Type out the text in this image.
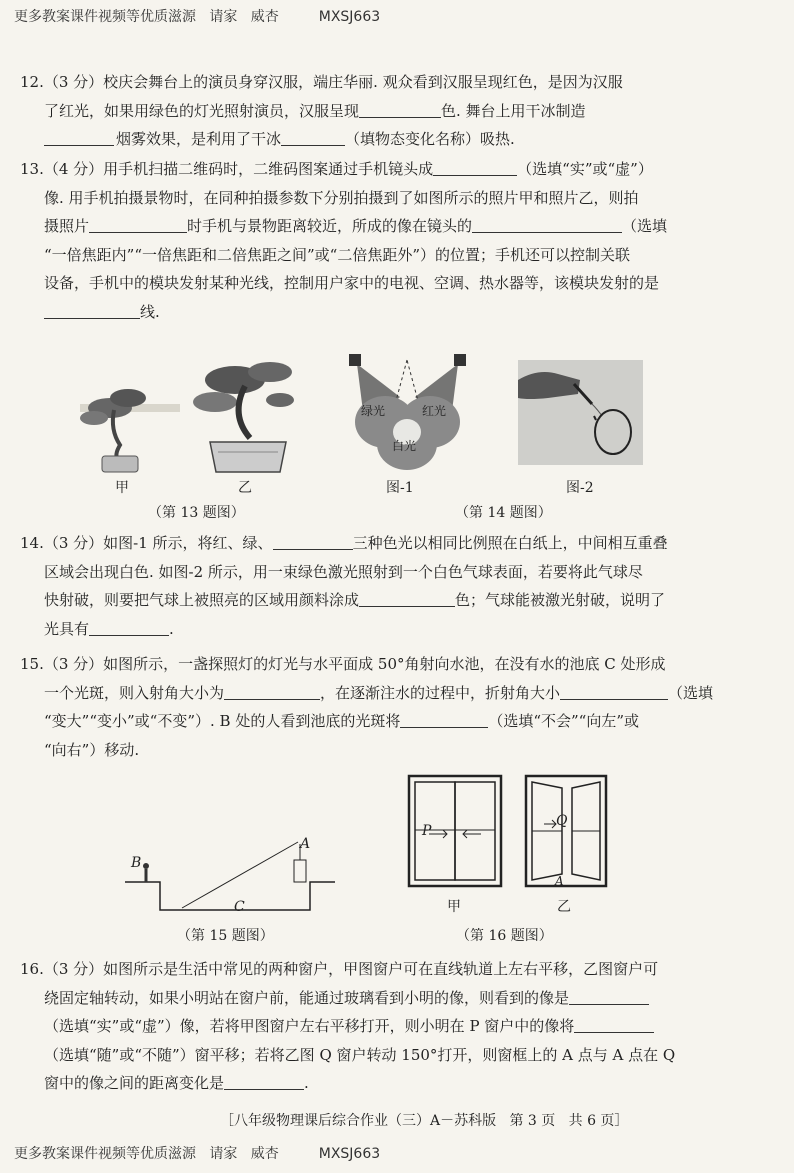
更多教案课件视频等优质滋源   请家   威杏         MXSJ663
12.（3 分）校庆会舞台上的演员身穿汉服，端庄华丽. 观众看到汉服呈现红色，是因为汉服
了红光，如果用绿色的灯光照射演员，汉服呈现	色. 舞台上用干冰制造
烟雾效果，是利用了干冰	（填物态变化名称）吸热.
13.（4 分）用手机扫描二维码时，二维码图案通过手机镜头成	（选填“实”或“虚”）
像. 用手机拍摄景物时，在同种拍摄参数下分别拍摄到了如图所示的照片甲和照片乙，则拍
摄照片	时手机与景物距离较近，所成的像在镜头的	（选填
“一倍焦距内”“一倍焦距和二倍焦距之间”或“二倍焦距外”）的位置；手机还可以控制关联
设备，手机中的模块发射某种光线，控制用户家中的电视、空调、热水器等，该模块发射的是
线.
甲	乙
（第 13 题图）
绿光	红光
白光
图-1	图-2
（第 14 题图）
14.（3 分）如图-1 所示，将红、绿、	三种色光以相同比例照在白纸上，中间相互重叠
区域会出现白色. 如图-2 所示，用一束绿色激光照射到一个白色气球表面，若要将此气球尽
快射破，则要把气球上被照亮的区域用颜料涂成	色；气球能被激光射破，说明了
光具有	.
15.（3 分）如图所示，一盏探照灯的灯光与水平面成 50°角射向水池，在没有水的池底 C 处形成
一个光斑，则入射角大小为	，在逐渐注水的过程中，折射角大小	（选填
“变大”“变小”或“不变”）. B 处的人看到池底的光斑将	（选填“不会”“向左”或
“向右”）移动.
B
A
C
（第 15 题图）
P
甲
Q
A
乙
（第 16 题图）
16.（3 分）如图所示是生活中常见的两种窗户，甲图窗户可在直线轨道上左右平移，乙图窗户可
绕固定轴转动，如果小明站在窗户前，能通过玻璃看到小明的像，则看到的像是
（选填“实”或“虚”）像，若将甲图窗户左右平移打开，则小明在 P 窗户中的像将
（选填“随”或“不随”）窗平移；若将乙图 Q 窗户转动 150°打开，则窗框上的 A 点与 A 点在 Q
窗中的像之间的距离变化是	.
［八年级物理课后综合作业（三）A－苏科版   第 3 页   共 6 页］
更多教案课件视频等优质滋源   请家   威杏         MXSJ663
